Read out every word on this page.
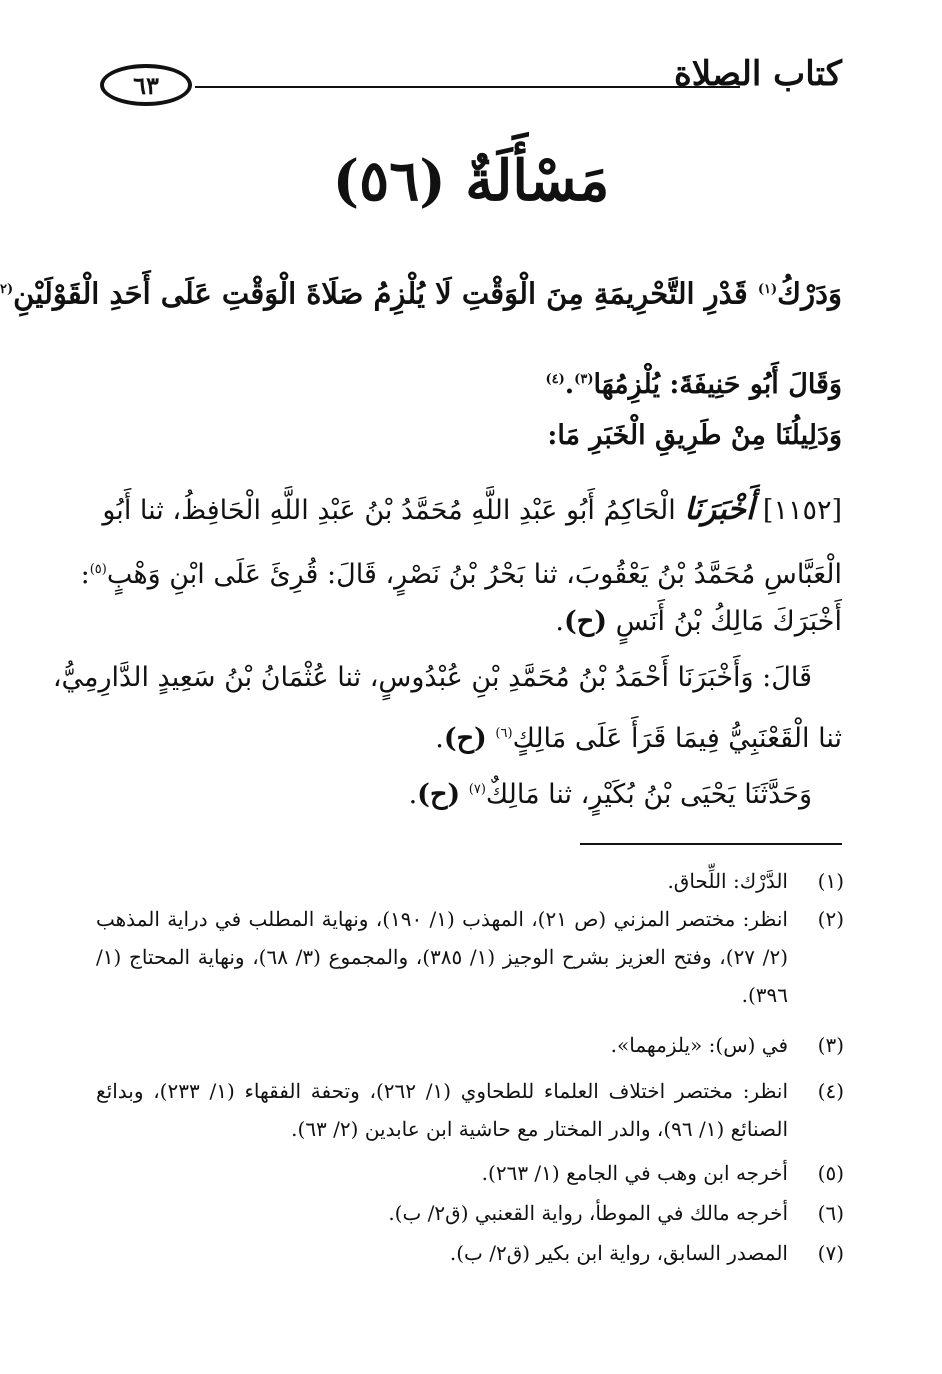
كتاب الصلاة
٦٣
مَسْأَلَةٌ (٥٦)
وَدَرْكُ$^{(١)}$ قَدْرِ التَّحْرِيمَةِ مِنَ الْوَقْتِ لَا يُلْزِمُ صَلَاةَ الْوَقْتِ عَلَى أَحَدِ الْقَوْلَيْنِ$^{(٢}$
وَقَالَ أَبُو حَنِيفَةَ: يُلْزِمُهَا$^{(٣)}$.$^{(٤)}$
وَدَلِيلُنَا مِنْ طَرِيقِ الْخَبَرِ مَا:
[١١٥٢] أَخْبَرَنَا الْحَاكِمُ أَبُو عَبْدِ اللَّهِ مُحَمَّدُ بْنُ عَبْدِ اللَّهِ الْحَافِظُ، ثنا أَبُو
الْعَبَّاسِ مُحَمَّدُ بْنُ يَعْقُوبَ، ثنا بَحْرُ بْنُ نَصْرٍ، قَالَ: قُرِئَ عَلَى ابْنِ وَهْبٍ$^{(٥)}$:
أَخْبَرَكَ مَالِكُ بْنُ أَنَسٍ (ح).
قَالَ: وَأَخْبَرَنَا أَحْمَدُ بْنُ مُحَمَّدِ بْنِ عُبْدُوسٍ، ثنا عُثْمَانُ بْنُ سَعِيدٍ الدَّارِمِيُّ،
ثنا الْقَعْنَبِيُّ فِيمَا قَرَأَ عَلَى مَالِكٍ$^{(٦)}$ (ح).
وَحَدَّثَنَا يَحْيَى بْنُ بُكَيْرٍ، ثنا مَالِكٌ$^{(٧)}$ (ح).
(١)
الدَّرْك: اللِّحاق.
(٢)
انظر: مختصر المزني (ص ٢١)، المهذب (١/ ١٩٠)، ونهاية المطلب في دراية المذهب (٢/ ٢٧)، وفتح العزيز بشرح الوجيز (١/ ٣٨٥)، والمجموع (٣/ ٦٨)، ونهاية المحتاج (١/ ٣٩٦).
(٣)
في (س): «يلزمهما».
(٤)
انظر: مختصر اختلاف العلماء للطحاوي (١/ ٢٦٢)، وتحفة الفقهاء (١/ ٢٣٣)، وبدائع الصنائع (١/ ٩٦)، والدر المختار مع حاشية ابن عابدين (٢/ ٦٣).
(٥)
أخرجه ابن وهب في الجامع (١/ ٢٦٣).
(٦)
أخرجه مالك في الموطأ، رواية القعنبي (ق٢/ ب).
(٧)
المصدر السابق، رواية ابن بكير (ق٢/ ب).
